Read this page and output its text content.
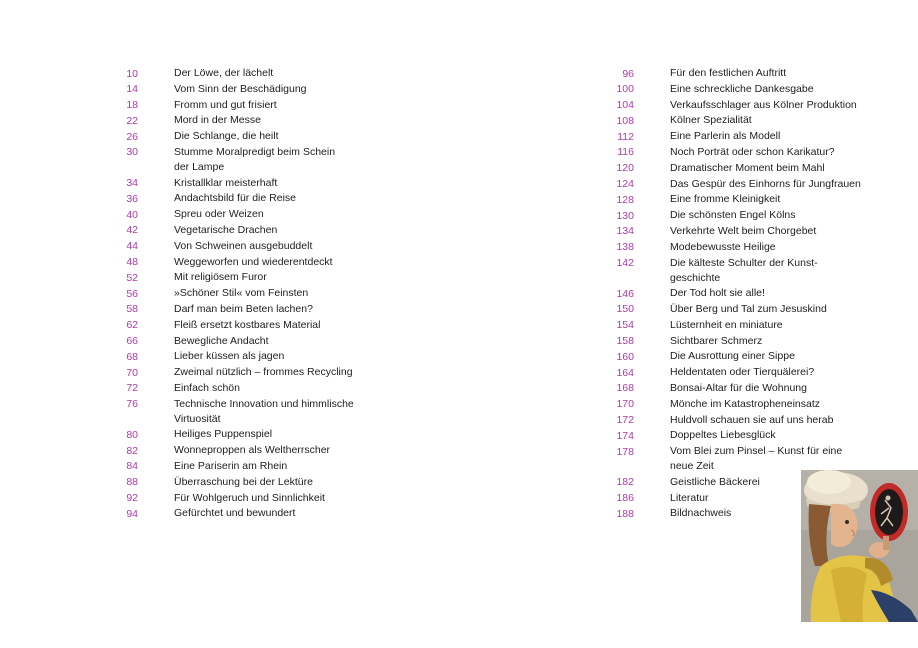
10	Der Löwe, der lächelt
14	Vom Sinn der Beschädigung
18	Fromm und gut frisiert
22	Mord in der Messe
26	Die Schlange, die heilt
30	Stumme Moralpredigt beim Schein
der Lampe
34	Kristallklar meisterhaft
36	Andachtsbild für die Reise
40	Spreu oder Weizen
42	Vegetarische Drachen
44	Von Schweinen ausgebuddelt
48	Weggeworfen und wiederentdeckt
52	Mit religiösem Furor
56	»Schöner Stil« vom Feinsten
58	Darf man beim Beten lachen?
62	Fleiß ersetzt kostbares Material
66	Bewegliche Andacht
68	Lieber küssen als jagen
70	Zweimal nützlich – frommes Recycling
72	Einfach schön
76	Technische Innovation und himmlische
Virtuosität
80	Heiliges Puppenspiel
82	Wonneproppen als Weltherrscher
84	Eine Pariserin am Rhein
88	Überraschung bei der Lektüre
92	Für Wohlgeruch und Sinnlichkeit
94	Gefürchtet und bewundert
96	Für den festlichen Auftritt
100	Eine schreckliche Dankesgabe
104	Verkaufsschlager aus Kölner Produktion
108	Kölner Spezialität
112	Eine Parlerin als Modell
116	Noch Porträt oder schon Karikatur?
120	Dramatischer Moment beim Mahl
124	Das Gespür des Einhorns für Jungfrauen
128	Eine fromme Kleinigkeit
130	Die schönsten Engel Kölns
134	Verkehrte Welt beim Chorgebet
138	Modebewusste Heilige
142	Die kälteste Schulter der Kunst-
geschichte
146	Der Tod holt sie alle!
150	Über Berg und Tal zum Jesuskind
154	Lüsternheit en miniature
158	Sichtbarer Schmerz
160	Die Ausrottung einer Sippe
164	Heldentaten oder Tierquälerei?
168	Bonsai-Altar für die Wohnung
170	Mönche im Katastropheneinsatz
172	Huldvoll schauen sie auf uns herab
174	Doppeltes Liebesglück
178	Vom Blei zum Pinsel – Kunst für eine
neue Zeit
182	Geistliche Bäckerei
186	Literatur
188	Bildnachweis
